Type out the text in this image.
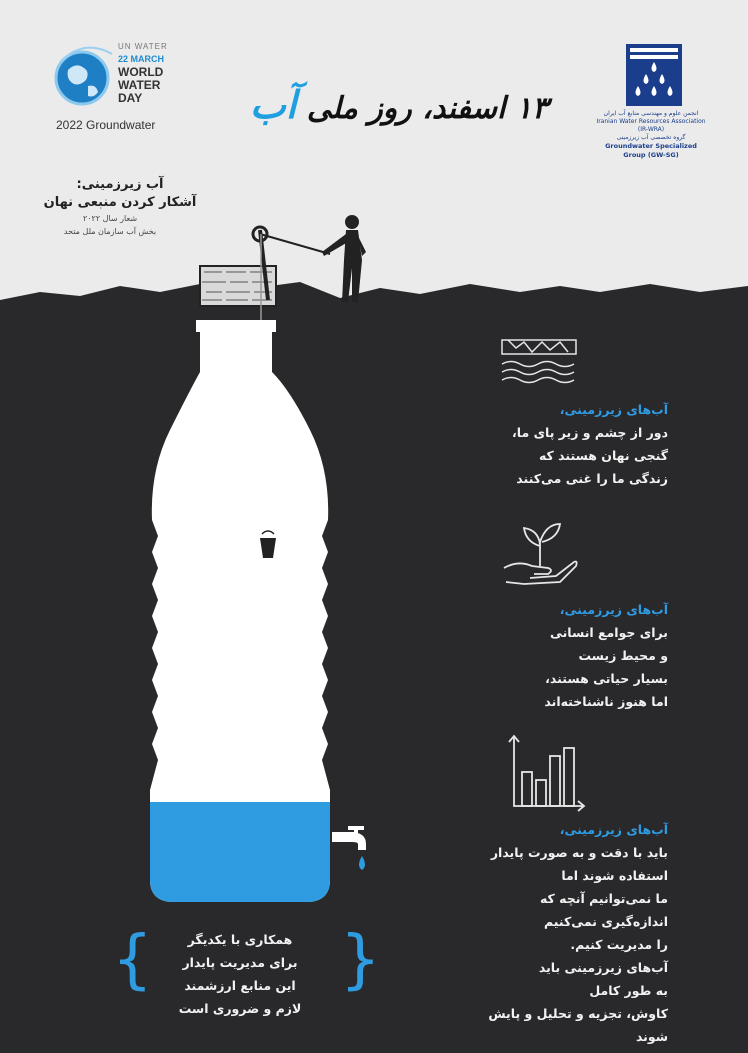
UN WATER
22 MARCH
WORLD
WATER
DAY
2022 Groundwater	۱۳ اسفند، روز ملی آب	انجمن علوم و مهندسی منابع آب ایران
Iranian Water Resources Association (IR-WRA)
گروه تخصصی آب زیرزمینی
Groundwater Specialized Group (GW-SG)
آب زیرزمینی:
آشکار کردن منبعی نهان
شعار سال ۲۰۲۲
بخش آب سازمان ملل متحد
آب‌های زیرزمینی،
دور از چشم و زیر پای ما،
گنجی نهان هستند که
زندگی ما را غنی می‌کنند
آب‌های زیرزمینی،
برای جوامع انسانی
و محیط زیست
بسیار حیاتی هستند،
اما هنوز ناشناخته‌اند
آب‌های زیرزمینی،
باید با دقت و به صورت پایدار
استفاده شوند اما
ما نمی‌توانیم آنچه که
اندازه‌گیری نمی‌کنیم
را مدیریت کنیم.
آب‌های زیرزمینی باید
به طور کامل
کاوش، تجزیه و تحلیل و پایش
شوند
{	}
همکاری با یکدیگر
برای مدیریت پایدار
این منابع ارزشمند
لازم و ضروری است
